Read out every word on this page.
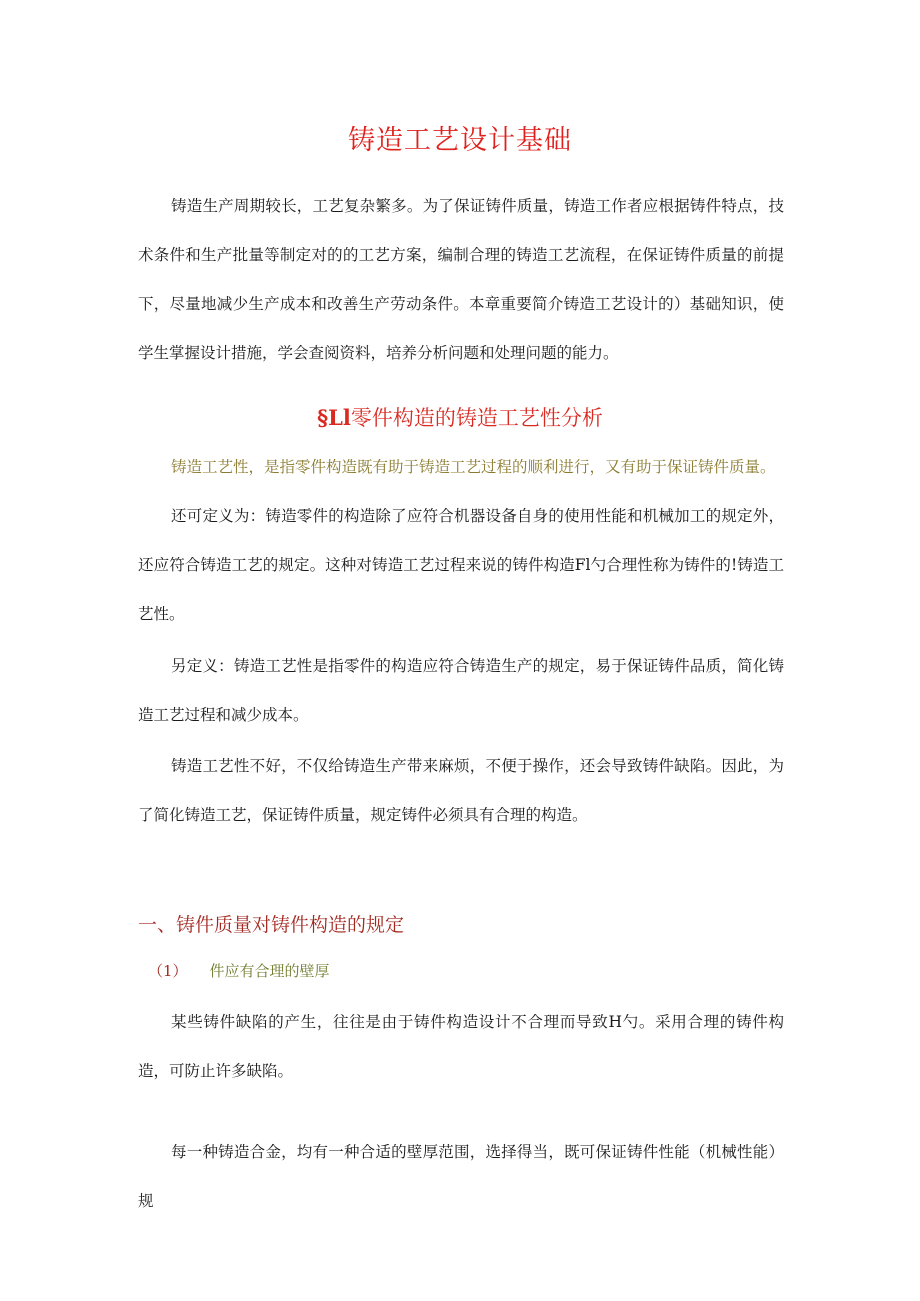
铸造工艺设计基础

铸造生产周期较长，工艺复杂繁多。为了保证铸件质量，铸造工作者应根据铸件特点，技术条件和生产批量等制定对的的工艺方案，编制合理的铸造工艺流程，在保证铸件质量的前提下，尽量地减少生产成本和改善生产劳动条件。本章重要简介铸造工艺设计的）基础知识，使学生掌握设计措施，学会查阅资料，培养分析问题和处理问题的能力。

§Ll零件构造的铸造工艺性分析

铸造工艺性，是指零件构造既有助于铸造工艺过程的顺利进行，又有助于保证铸件质量。

还可定义为：铸造零件的构造除了应符合机器设备自身的使用性能和机械加工的规定外，还应符合铸造工艺的规定。这种对铸造工艺过程来说的铸件构造Fl勺合理性称为铸件的!铸造工艺性。

另定义：铸造工艺性是指零件的构造应符合铸造生产的规定，易于保证铸件品质，简化铸造工艺过程和减少成本。

铸造工艺性不好，不仅给铸造生产带来麻烦，不便于操作，还会导致铸件缺陷。因此，为了简化铸造工艺，保证铸件质量，规定铸件必须具有合理的构造。

一、铸件质量对铸件构造的规定
（1） 件应有合理的壁厚

某些铸件缺陷的产生，往往是由于铸件构造设计不合理而导致H勺。采用合理的铸件构造，可防止许多缺陷。

每一种铸造合金，均有一种合适的壁厚范围，选择得当，既可保证铸件性能（机械性能）规
